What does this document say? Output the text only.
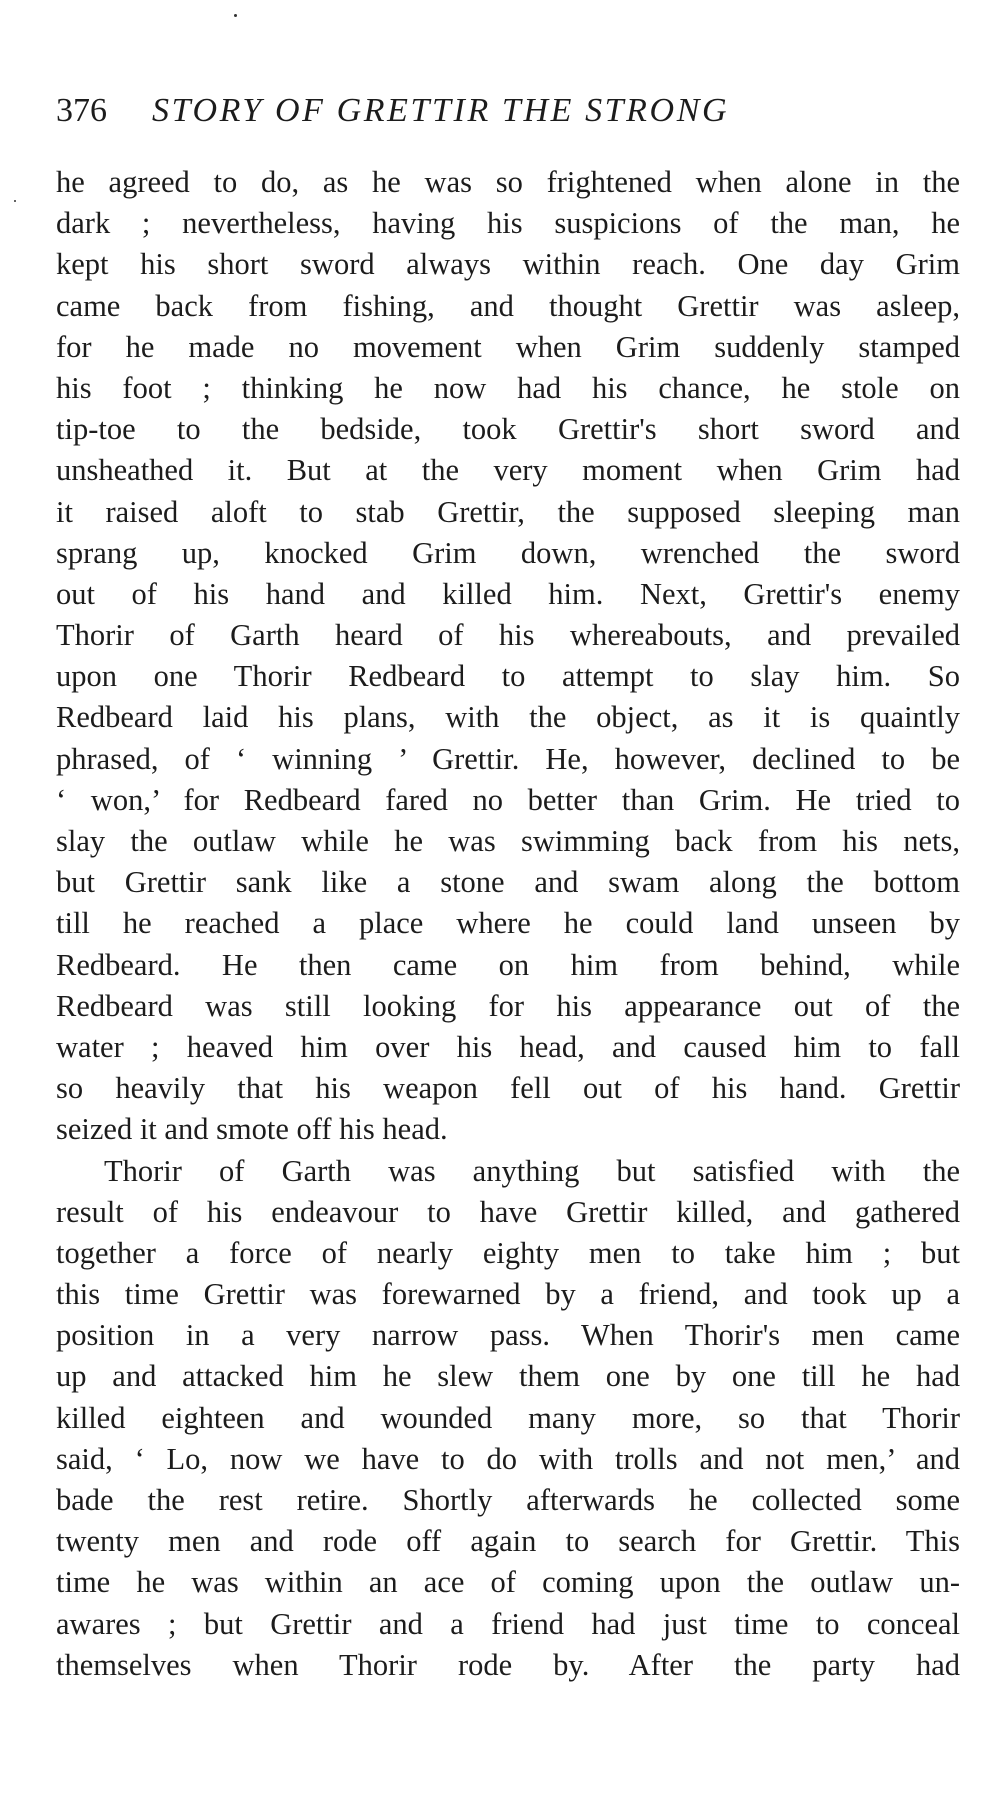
376 STORY OF GRETTIR THE STRONG
he agreed to do, as he was so frightened when alone in the
dark ; nevertheless, having his suspicions of the man, he
kept his short sword always within reach. One day Grim
came back from fishing, and thought Grettir was asleep,
for he made no movement when Grim suddenly stamped
his foot ; thinking he now had his chance, he stole on
tip-toe to the bedside, took Grettir's short sword and
unsheathed it. But at the very moment when Grim had
it raised aloft to stab Grettir, the supposed sleeping man
sprang up, knocked Grim down, wrenched the sword
out of his hand and killed him. Next, Grettir's enemy
Thorir of Garth heard of his whereabouts, and prevailed
upon one Thorir Redbeard to attempt to slay him. So
Redbeard laid his plans, with the object, as it is quaintly
phrased, of ‘ winning ’ Grettir. He, however, declined to be
‘ won,’ for Redbeard fared no better than Grim. He tried to
slay the outlaw while he was swimming back from his nets,
but Grettir sank like a stone and swam along the bottom
till he reached a place where he could land unseen by
Redbeard. He then came on him from behind, while
Redbeard was still looking for his appearance out of the
water ; heaved him over his head, and caused him to fall
so heavily that his weapon fell out of his hand. Grettir
seized it and smote off his head.
Thorir of Garth was anything but satisfied with the
result of his endeavour to have Grettir killed, and gathered
together a force of nearly eighty men to take him ; but
this time Grettir was forewarned by a friend, and took up a
position in a very narrow pass. When Thorir's men came
up and attacked him he slew them one by one till he had
killed eighteen and wounded many more, so that Thorir
said, ‘ Lo, now we have to do with trolls and not men,’ and
bade the rest retire. Shortly afterwards he collected some
twenty men and rode off again to search for Grettir. This
time he was within an ace of coming upon the outlaw un-
awares ; but Grettir and a friend had just time to conceal
themselves when Thorir rode by. After the party had
